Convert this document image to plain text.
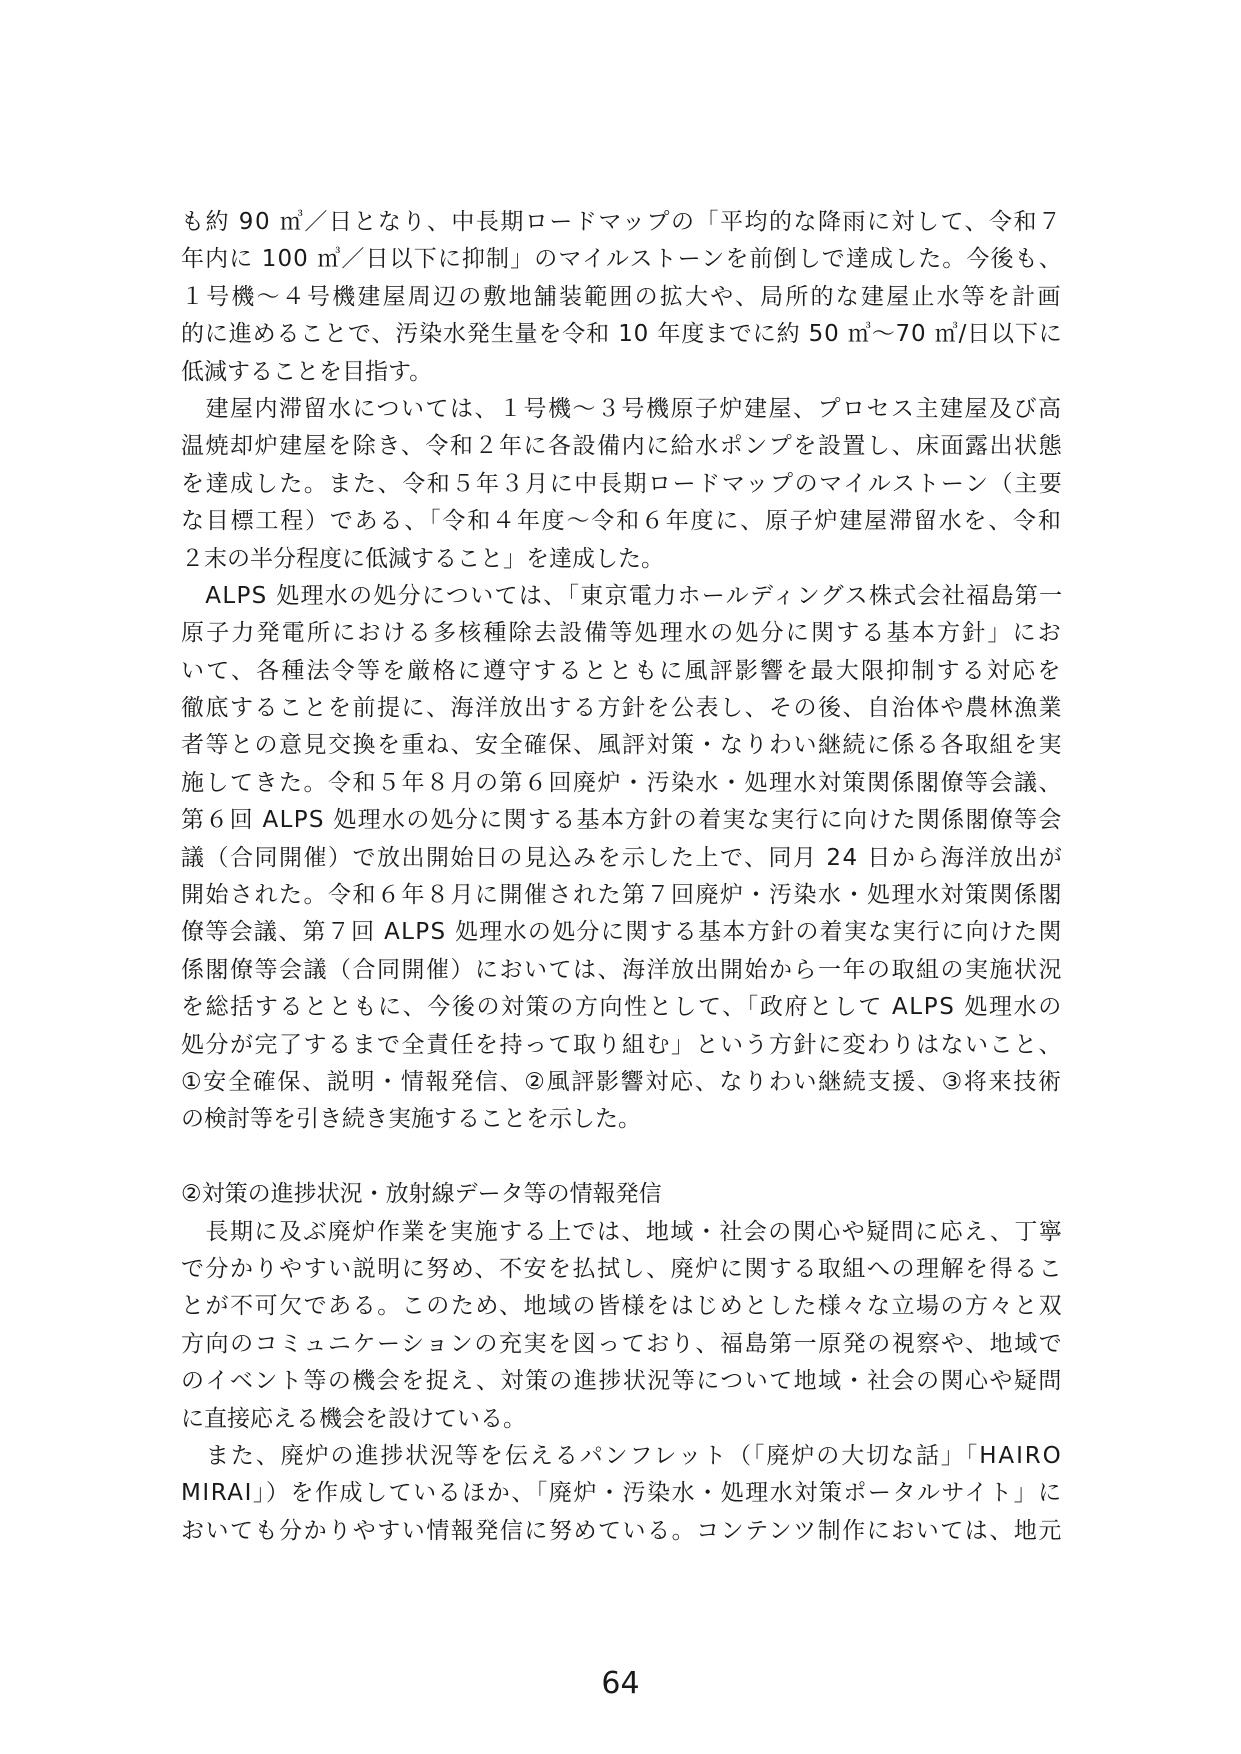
も約 90 ㎥／日となり、中長期ロードマップの「平均的な降雨に対して、令和７
年内に 100 ㎥／日以下に抑制」のマイルストーンを前倒しで達成した。今後も、
１号機～４号機建屋周辺の敷地舗装範囲の拡大や、局所的な建屋止水等を計画
的に進めることで、汚染水発生量を令和 10 年度までに約 50 ㎥～70 ㎥/日以下に
低減することを目指す。
　建屋内滞留水については、１号機～３号機原子炉建屋、プロセス主建屋及び高
温焼却炉建屋を除き、令和２年に各設備内に給水ポンプを設置し、床面露出状態
を達成した。また、令和５年３月に中長期ロードマップのマイルストーン（主要
な目標工程）である、「令和４年度～令和６年度に、原子炉建屋滞留水を、令和
２末の半分程度に低減すること」を達成した。
　ALPS 処理水の処分については、「東京電力ホールディングス株式会社福島第一
原子力発電所における多核種除去設備等処理水の処分に関する基本方針」にお
いて、各種法令等を厳格に遵守するとともに風評影響を最大限抑制する対応を
徹底することを前提に、海洋放出する方針を公表し、その後、自治体や農林漁業
者等との意見交換を重ね、安全確保、風評対策・なりわい継続に係る各取組を実
施してきた。令和５年８月の第６回廃炉・汚染水・処理水対策関係閣僚等会議、
第６回 ALPS 処理水の処分に関する基本方針の着実な実行に向けた関係閣僚等会
議（合同開催）で放出開始日の見込みを示した上で、同月 24 日から海洋放出が
開始された。令和６年８月に開催された第７回廃炉・汚染水・処理水対策関係閣
僚等会議、第７回 ALPS 処理水の処分に関する基本方針の着実な実行に向けた関
係閣僚等会議（合同開催）においては、海洋放出開始から一年の取組の実施状況
を総括するとともに、今後の対策の方向性として、「政府として ALPS 処理水の
処分が完了するまで全責任を持って取り組む」という方針に変わりはないこと、
①安全確保、説明・情報発信、②風評影響対応、なりわい継続支援、③将来技術
の検討等を引き続き実施することを示した。
②対策の進捗状況・放射線データ等の情報発信
　長期に及ぶ廃炉作業を実施する上では、地域・社会の関心や疑問に応え、丁寧
で分かりやすい説明に努め、不安を払拭し、廃炉に関する取組への理解を得るこ
とが不可欠である。このため、地域の皆様をはじめとした様々な立場の方々と双
方向のコミュニケーションの充実を図っており、福島第一原発の視察や、地域で
のイベント等の機会を捉え、対策の進捗状況等について地域・社会の関心や疑問
に直接応える機会を設けている。
　また、廃炉の進捗状況等を伝えるパンフレット（「廃炉の大切な話」「HAIRO
MIRAI」）を作成しているほか、「廃炉・汚染水・処理水対策ポータルサイト」に
おいても分かりやすい情報発信に努めている。コンテンツ制作においては、地元
64
